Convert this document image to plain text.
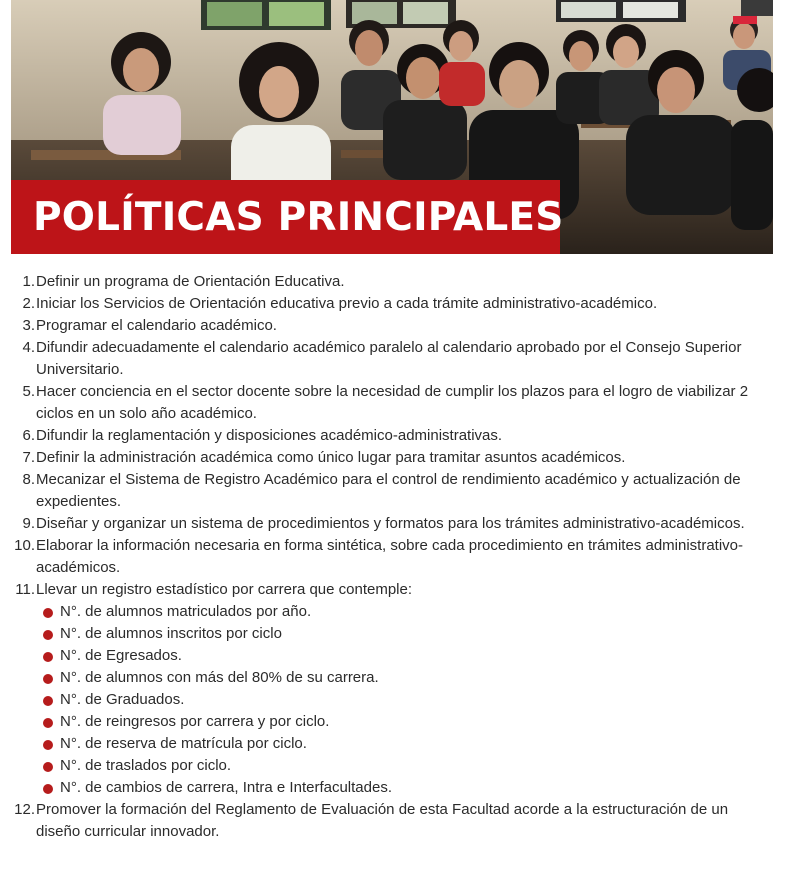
POLÍTICAS PRINCIPALES
1. Definir un programa de Orientación Educativa.
2. Iniciar los Servicios de Orientación educativa previo a cada trámite administrativo-académico.
3. Programar el calendario académico.
4. Difundir adecuadamente el calendario académico paralelo al calendario aprobado por el Consejo Superior Universitario.
5. Hacer conciencia en el sector docente sobre la necesidad de cumplir los plazos para el logro de viabilizar 2 ciclos en un solo año académico.
6. Difundir la reglamentación y disposiciones académico-administrativas.
7. Definir la administración académica como único lugar para tramitar asuntos académicos.
8. Mecanizar el Sistema de Registro Académico para el control de rendimiento académico y actualización de expedientes.
9. Diseñar y organizar un sistema de procedimientos y formatos para los trámites administrativo-académicos.
10. Elaborar la información necesaria en forma sintética, sobre cada procedimiento en trámites administrativo-académicos.
11. Llevar un registro estadístico por carrera que contemple:
N°. de alumnos matriculados por año.
N°. de alumnos inscritos por ciclo
N°. de Egresados.
N°. de alumnos con más del 80% de su carrera.
N°. de Graduados.
N°. de reingresos por carrera y por ciclo.
N°. de reserva de matrícula por ciclo.
N°. de traslados por ciclo.
N°. de cambios de carrera, Intra e Interfacultades.
12. Promover la formación del Reglamento de Evaluación de esta Facultad acorde a la estructuración de un diseño curricular innovador.
